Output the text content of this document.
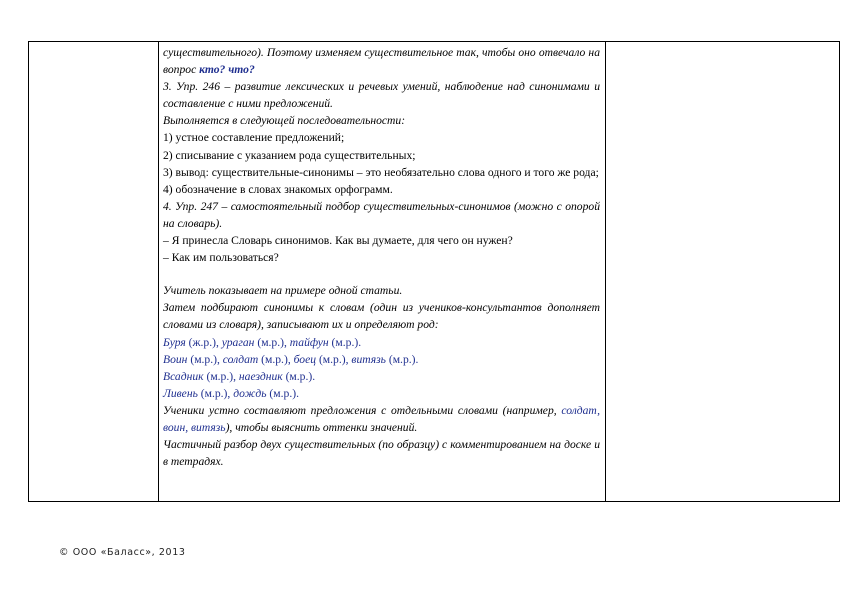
существительного). Поэтому изменяем существительное так, чтобы оно отвечало на вопрос кто? что?

3. Упр. 246 – развитие лексических и речевых умений, наблюдение над синонимами и составление с ними предложений.

Выполняется в следующей последовательности:

1) устное составление предложений;

2) списывание с указанием рода существительных;

3) вывод: существительные-синонимы – это необязательно слова одного и того же рода;

4) обозначение в словах знакомых орфограмм.

4. Упр. 247 – самостоятельный подбор существительных-синонимов (можно с опорой на словарь).

– Я принесла Словарь синонимов. Как вы думаете, для чего он нужен?

– Как им пользоваться?

Учитель показывает на примере одной статьи.

Затем подбирают синонимы к словам (один из учеников-консультантов дополняет словами из словаря), записывают их и определяют род:

Буря (ж.р.), ураган (м.р.), тайфун (м.р.).

Воин (м.р.), солдат (м.р.), боец (м.р.), витязь (м.р.).

Всадник (м.р.), наездник (м.р.).

Ливень (м.р.), дождь (м.р.).

Ученики устно составляют предложения с отдельными словами (например, солдат, воин, витязь), чтобы выяснить оттенки значений.

Частичный разбор двух существительных (по образцу) с комментированием на доске и в тетрадях.

© ООО «Баласс», 2013
